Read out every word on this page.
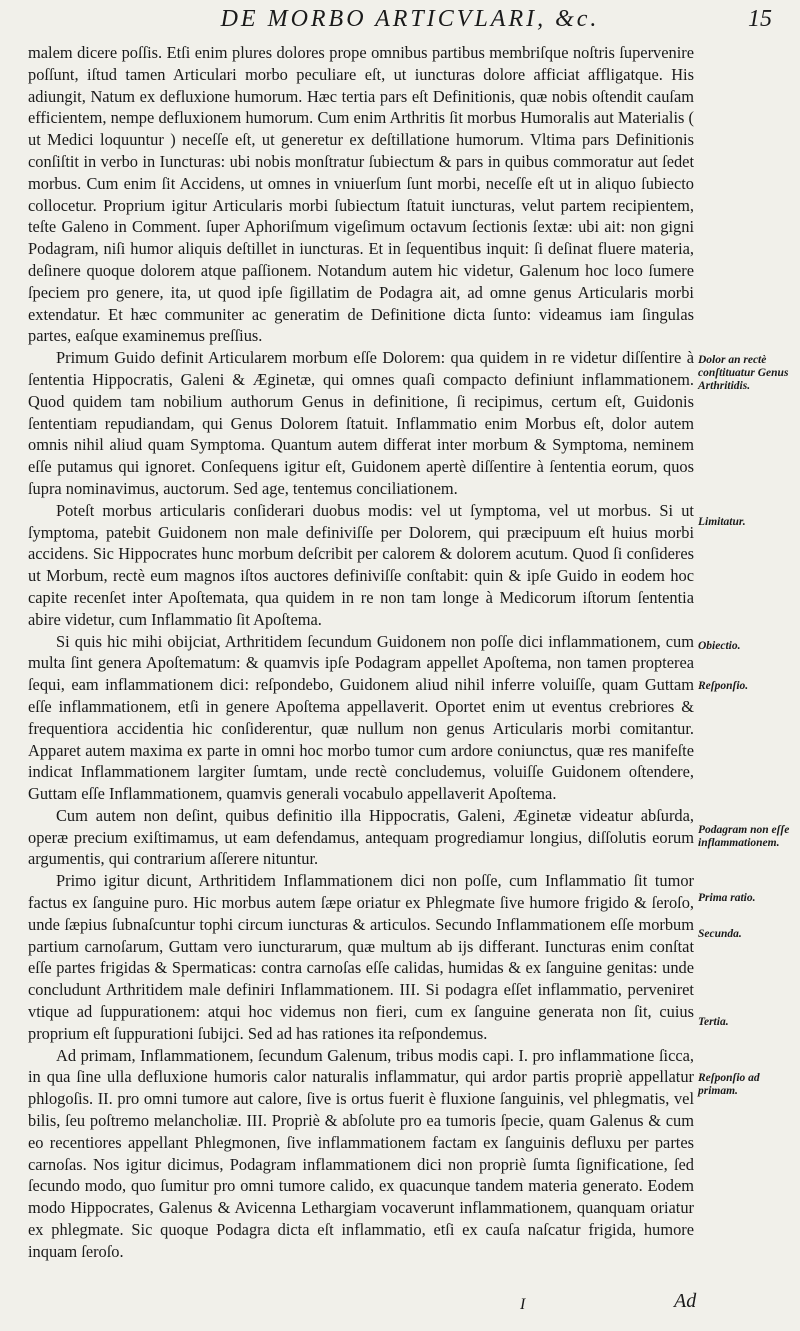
DE MORBO ARTICVLARI, &c.	15

malem dicere poſſis. Etſi enim plures dolores prope omnibus partibus membriſque noſtris ſupervenire poſſunt, iſtud tamen Articulari morbo peculiare eſt, ut iuncturas dolore afficiat affligatque. His adiungit, Natum ex defluxione humorum. Hæc tertia pars eſt Definitionis, quæ nobis oſtendit cauſam efficientem, nempe defluxionem humorum. Cum enim Arthritis ſit morbus Humoralis aut Materialis ( ut Medici loquuntur ) neceſſe eſt, ut generetur ex deſtillatione humorum. Vltima pars Definitionis conſiſtit in verbo in Iuncturas: ubi nobis monſtratur ſubiectum & pars in quibus commoratur aut ſedet morbus. Cum enim ſit Accidens, ut omnes in vniuerſum ſunt morbi, neceſſe eſt ut in aliquo ſubiecto collocetur. Proprium igitur Articularis morbi ſubiectum ſtatuit iuncturas, velut partem recipientem, teſte Galeno in Comment. ſuper Aphoriſmum vigeſimum octavum ſectionis ſextæ: ubi ait: non gigni Podagram, niſi humor aliquis deſtillet in iuncturas. Et in ſequentibus inquit: ſi deſinat fluere materia, deſinere quoque dolorem atque paſſionem. Notandum autem hic videtur, Galenum hoc loco ſumere ſpeciem pro genere, ita, ut quod ipſe ſigillatim de Podagra ait, ad omne genus Articularis morbi extendatur. Et hæc communiter ac generatim de Definitione dicta ſunto: videamus iam ſingulas partes, eaſque examinemus preſſius.

Primum Guido definit Articularem morbum eſſe Dolorem: qua quidem in re videtur diſſentire à ſententia Hippocratis, Galeni & Æginetæ, qui omnes quaſi compacto definiunt inflammationem. Quod quidem tam nobilium authorum Genus in definitione, ſi recipimus, certum eſt, Guidonis ſententiam repudiandam, qui Genus Dolorem ſtatuit. Inflammatio enim Morbus eſt, dolor autem omnis nihil aliud quam Symptoma. Quantum autem differat inter morbum & Symptoma, neminem eſſe putamus qui ignoret. Conſequens igitur eſt, Guidonem apertè diſſentire à ſententia eorum, quos ſupra nominavimus, auctorum. Sed age, tentemus conciliationem.

Poteſt morbus articularis conſiderari duobus modis: vel ut ſymptoma, vel ut morbus. Si ut ſymptoma, patebit Guidonem non male definiviſſe per Dolorem, qui præcipuum eſt huius morbi accidens. Sic Hippocrates hunc morbum deſcribit per calorem & dolorem acutum. Quod ſi conſideres ut Morbum, rectè eum magnos iſtos auctores definiviſſe conſtabit: quin & ipſe Guido in eodem hoc capite recenſet inter Apoſtemata, qua quidem in re non tam longe à Medicorum iſtorum ſententia abire videtur, cum Inflammatio ſit Apoſtema.

Si quis hic mihi obijciat, Arthritidem ſecundum Guidonem non poſſe dici inflammationem, cum multa ſint genera Apoſtematum: & quamvis ipſe Podagram appellet Apoſtema, non tamen propterea ſequi, eam inflammationem dici: reſpondebo, Guidonem aliud nihil inferre voluiſſe, quam Guttam eſſe inflammationem, etſi in genere Apoſtema appellaverit. Oportet enim ut eventus crebriores & frequentiora accidentia hic conſiderentur, quæ nullum non genus Articularis morbi comitantur. Apparet autem maxima ex parte in omni hoc morbo tumor cum ardore coniunctus, quæ res manifeſte indicat Inflammationem largiter ſumtam, unde rectè concludemus, voluiſſe Guidonem oſtendere, Guttam eſſe Inflammationem, quamvis generali vocabulo appellaverit Apoſtema.

Cum autem non deſint, quibus definitio illa Hippocratis, Galeni, Æginetæ videatur abſurda, operæ precium exiſtimamus, ut eam defendamus, antequam progrediamur longius, diſſolutis eorum argumentis, qui contrarium aſſerere nituntur.

Primo igitur dicunt, Arthritidem Inflammationem dici non poſſe, cum Inflammatio ſit tumor factus ex ſanguine puro. Hic morbus autem ſæpe oriatur ex Phlegmate ſive humore frigido & ſeroſo, unde ſæpius ſubnaſcuntur tophi circum iuncturas & articulos. Secundo Inflammationem eſſe morbum partium carnoſarum, Guttam vero iuncturarum, quæ multum ab ijs differant. Iuncturas enim conſtat eſſe partes frigidas & Spermaticas: contra carnoſas eſſe calidas, humidas & ex ſanguine genitas: unde concludunt Arthritidem male definiri Inflammationem. III. Si podagra eſſet inflammatio, perveniret vtique ad ſuppurationem: atqui hoc videmus non fieri, cum ex ſanguine generata non ſit, cuius proprium eſt ſuppurationi ſubijci. Sed ad has rationes ita reſpondemus.

Ad primam, Inflammationem, ſecundum Galenum, tribus modis capi. I. pro inflammatione ſicca, in qua ſine ulla defluxione humoris calor naturalis inflammatur, qui ardor partis propriè appellatur phlogoſis. II. pro omni tumore aut calore, ſive is ortus fuerit è fluxione ſanguinis, vel phlegmatis, vel bilis, ſeu poſtremo melancholiæ. III. Propriè & abſolute pro ea tumoris ſpecie, quam Galenus & cum eo recentiores appellant Phlegmonen, ſive inflammationem factam ex ſanguinis defluxu per partes carnoſas. Nos igitur dicimus, Podagram inflammationem dici non propriè ſumta ſignificatione, ſed ſecundo modo, quo ſumitur pro omni tumore calido, ex quacunque tandem materia generato. Eodem modo Hippocrates, Galenus & Avicenna Lethargiam vocaverunt inflammationem, quanquam oriatur ex phlegmate. Sic quoque Podagra dicta eſt inflammatio, etſi ex cauſa naſcatur frigida, humore inquam ſeroſo.

Dolor an rectè conſtituatur Genus Arthritidis.
Limitatur.
Obiectio.
Reſponſio.
Podagram non eſſe inflammationem.
Prima ratio.
Secunda.
Tertia.
Reſponſio ad primam.
I	Ad
